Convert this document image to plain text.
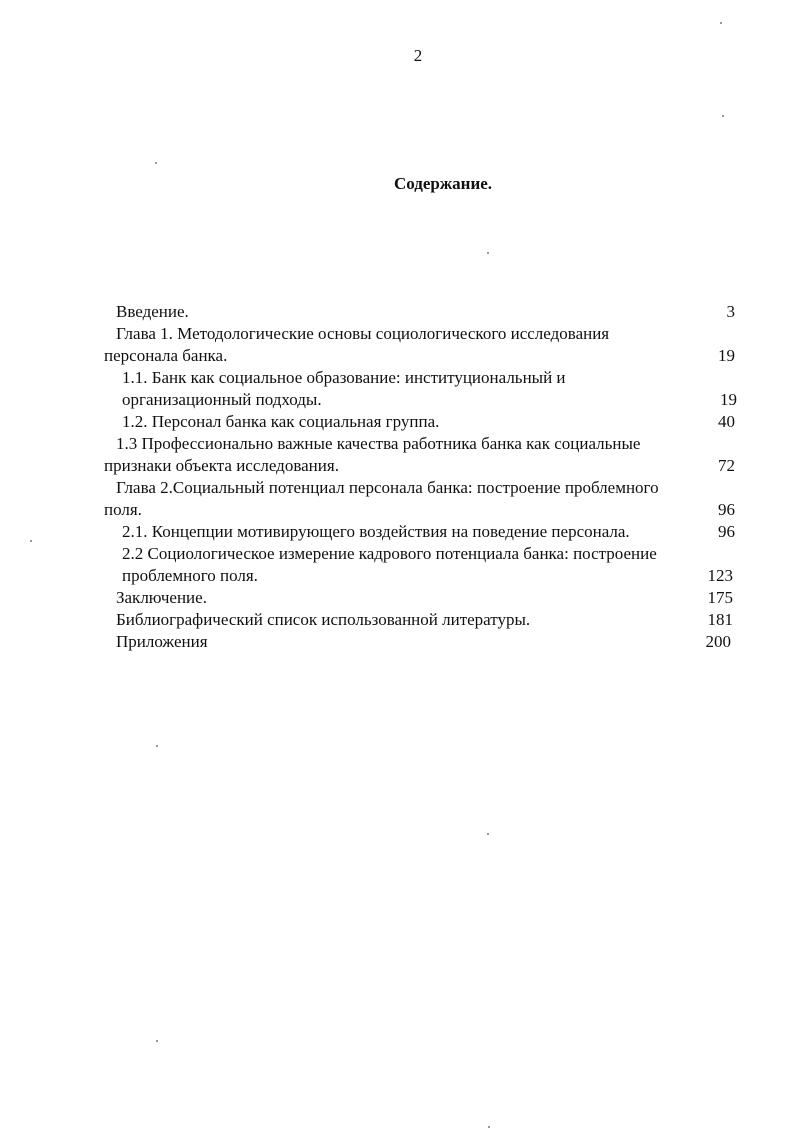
2
Содержание.
Введение.	3
Глава 1. Методологические основы социологического исследования
персонала банка.	19
1.1. Банк как социальное образование: институциональный и
организационный подходы.	19
1.2. Персонал банка как социальная группа.	40
1.3 Профессионально важные качества работника банка как социальные
признаки объекта исследования.	72
Глава 2.Социальный потенциал персонала банка: построение проблемного
поля.	96
2.1. Концепции мотивирующего воздействия на поведение персонала.	96
2.2 Социологическое измерение кадрового потенциала банка: построение
проблемного поля.	123
Заключение.	175
Библиографический список использованной литературы.	181
Приложения	200
